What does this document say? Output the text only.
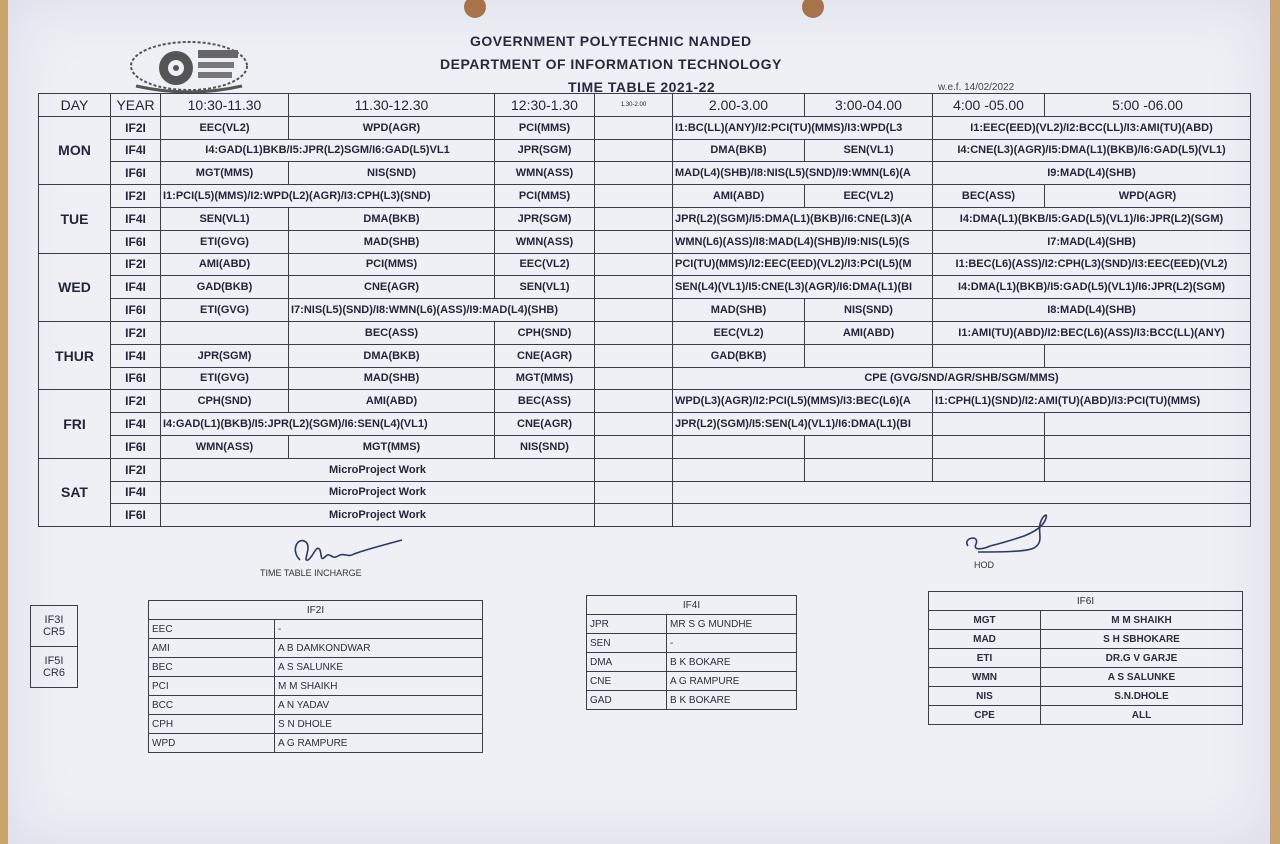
GOVERNMENT POLYTECHNIC NANDED
DEPARTMENT OF INFORMATION TECHNOLOGY
TIME TABLE 2021-22	w.e.f. 14/02/2022
DAY	YEAR	10:30-11.30	11.30-12.30	12:30-1.30	1.30-2.00	2.00-3.00	3:00-04.00	4:00 -05.00	5:00 -06.00
MON	IF2I	EEC(VL2)	WPD(AGR)	PCI(MMS)		I1:BC(LL)(ANY)/I2:PCI(TU)(MMS)/I3:WPD(L3		I1:EEC(EED)(VL2)/I2:BCC(LL)/I3:AMI(TU)(ABD)	
	IF4I	I4:GAD(L1)BKB/I5:JPR(L2)SGM/I6:GAD(L5)VL1		JPR(SGM)		DMA(BKB)	SEN(VL1)	I4:CNE(L3)(AGR)/I5:DMA(L1)(BKB)/I6:GAD(L5)(VL1)	
	IF6I	MGT(MMS)	NIS(SND)	WMN(ASS)		MAD(L4)(SHB)/I8:NIS(L5)(SND)/I9:WMN(L6)(A		I9:MAD(L4)(SHB)	
TUE	IF2I	I1:PCI(L5)(MMS)/I2:WPD(L2)(AGR)/I3:CPH(L3)(SND)		PCI(MMS)		AMI(ABD)	EEC(VL2)	BEC(ASS)	WPD(AGR)
	IF4I	SEN(VL1)	DMA(BKB)	JPR(SGM)		JPR(L2)(SGM)/I5:DMA(L1)(BKB)/I6:CNE(L3)(A		I4:DMA(L1)(BKB/I5:GAD(L5)(VL1)/I6:JPR(L2)(SGM)	
	IF6I	ETI(GVG)	MAD(SHB)	WMN(ASS)		WMN(L6)(ASS)/I8:MAD(L4)(SHB)/I9:NIS(L5)(S		I7:MAD(L4)(SHB)	
WED	IF2I	AMI(ABD)	PCI(MMS)	EEC(VL2)		PCI(TU)(MMS)/I2:EEC(EED)(VL2)/I3:PCI(L5)(M		I1:BEC(L6)(ASS)/I2:CPH(L3)(SND)/I3:EEC(EED)(VL2)	
	IF4I	GAD(BKB)	CNE(AGR)	SEN(VL1)		SEN(L4)(VL1)/I5:CNE(L3)(AGR)/I6:DMA(L1)(BI		I4:DMA(L1)(BKB)/I5:GAD(L5)(VL1)/I6:JPR(L2)(SGM)	
	IF6I	ETI(GVG)	I7:NIS(L5)(SND)/I8:WMN(L6)(ASS)/I9:MAD(L4)(SHB)			MAD(SHB)	NIS(SND)	I8:MAD(L4)(SHB)	
THUR	IF2I		BEC(ASS)	CPH(SND)		EEC(VL2)	AMI(ABD)	I1:AMI(TU)(ABD)/I2:BEC(L6)(ASS)/I3:BCC(LL)(ANY)	
	IF4I	JPR(SGM)	DMA(BKB)	CNE(AGR)		GAD(BKB)			
	IF6I	ETI(GVG)	MAD(SHB)	MGT(MMS)		CPE (GVG/SND/AGR/SHB/SGM/MMS)			
FRI	IF2I	CPH(SND)	AMI(ABD)	BEC(ASS)		WPD(L3)(AGR)/I2:PCI(L5)(MMS)/I3:BEC(L6)(A		I1:CPH(L1)(SND)/I2:AMI(TU)(ABD)/I3:PCI(TU)(MMS)	
	IF4I	I4:GAD(L1)(BKB)/I5:JPR(L2)(SGM)/I6:SEN(L4)(VL1)		CNE(AGR)		JPR(L2)(SGM)/I5:SEN(L4)(VL1)/I6:DMA(L1)(BI			
	IF6I	WMN(ASS)	MGT(MMS)	NIS(SND)					
SAT	IF2I	MicroProject Work							
	IF4I	MicroProject Work							
	IF6I	MicroProject Work							
TIME TABLE INCHARGE
HOD
IF3I
CR5
IF5I
CR6
IF2I	
EEC	-
AMI	A B DAMKONDWAR
BEC	A S SALUNKE
PCI	M M SHAIKH
BCC	A N YADAV
CPH	S N DHOLE
WPD	A G RAMPURE
IF4I	
JPR	MR S G MUNDHE
SEN	-
DMA	B K BOKARE
CNE	A G RAMPURE
GAD	B K BOKARE
IF6I	
MGT	M M SHAIKH
MAD	S H SBHOKARE
ETI	DR.G V GARJE
WMN	A S SALUNKE
NIS	S.N.DHOLE
CPE	ALL
